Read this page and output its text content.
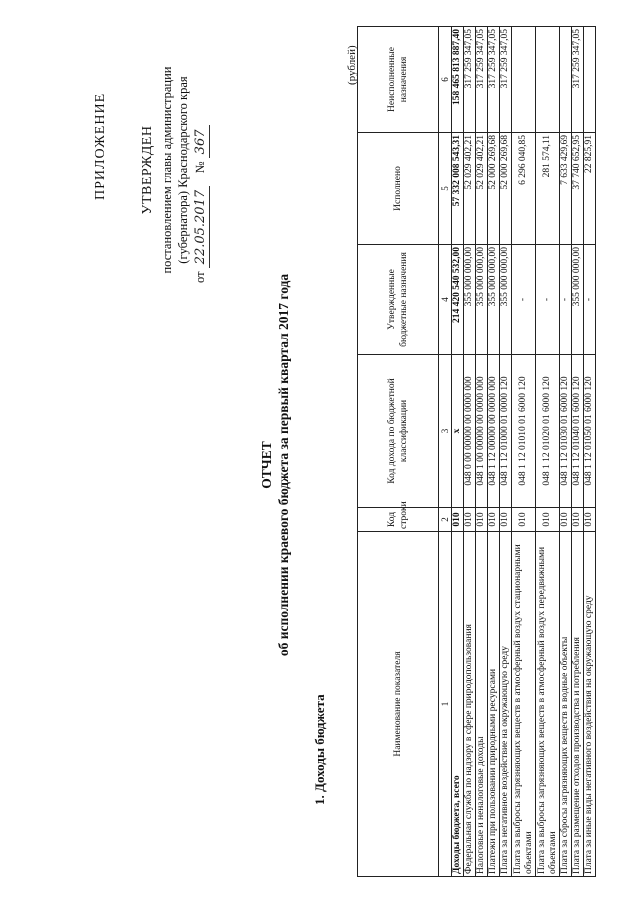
ПРИЛОЖЕНИЕ УТВЕРЖДЕН постановлением главы администрации (губернатора) Краснодарского края
от 22.05.2017    № 367
ОТЧЕТ об исполнении краевого бюджета за первый квартал 2017 года
1. Доходы бюджета
(рублей)
Наименование показателя	Код строки	Код дохода по бюджетной классификации	Утвержденные бюджетные назначения	Исполнено	Неисполненные назначения
1	2	3	4	5	6
Доходы бюджета, всего	010	x	214 420 540 532,00	57 332 008 543,31	158 465 813 887,40
Федеральная служба по надзору в сфере природопользования	010	048 0 00 00000 00 0000 000	355 000 000,00	52 029 402,21	317 259 347,05
Налоговые и неналоговые доходы	010	048 1 00 00000 00 0000 000	355 000 000,00	52 029 402,21	317 259 347,05
Платежи при пользовании природными ресурсами	010	048 1 12 00000 00 0000 000	355 000 000,00	52 000 269,68	317 259 347,05
Плата за негативное воздействие на окружающую среду	010	048 1 12 01000 01 0000 120	355 000 000,00	52 000 269,68	317 259 347,05
Плата за выбросы загрязняющих веществ в атмосферный воздух стационарными объектами	010	048 1 12 01010 01 6000 120	-	6 296 040,85	
Плата за выбросы загрязняющих веществ в атмосферный воздух передвижными объектами	010	048 1 12 01020 01 6000 120	-	281 574,11	
Плата за сбросы загрязняющих веществ в водные объекты	010	048 1 12 01030 01 6000 120	-	7 633 429,69	
Плата за размещение отходов производства и потребления	010	048 1 12 01040 01 6000 120	355 000 000,00	37 740 652,95	317 259 347,05
Плата за иные виды негативного воздействия на окружающую среду	010	048 1 12 01050 01 6000 120	-	22 825,91	
